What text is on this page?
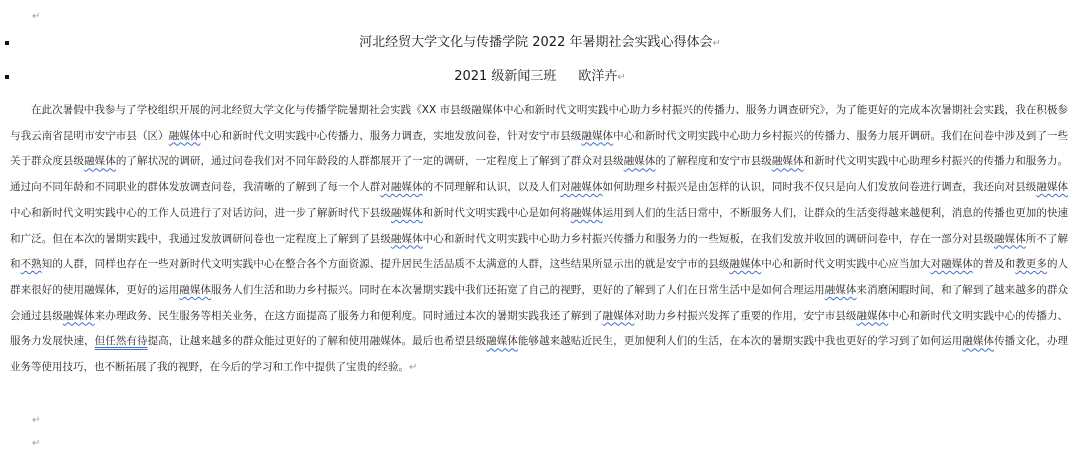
↵
河北经贸大学文化与传播学院 2022 年暑期社会实践心得体会↵
2021 级新闻三班 欧洋卉↵
在此次暑假中我参与了学校组织开展的河北经贸大学文化与传播学院暑期社会实践《XX 市县级融媒体中心和新时代文明实践中心助力乡村振兴的传播力、服务力调查研究》，为了能更好的完成本次暑期社会实践，我在积极参与我云南省昆明市安宁市县（区）融媒体中心和新时代文明实践中心传播力、服务力调查，实地发放问卷，针对安宁市县级融媒体中心和新时代文明实践中心助力乡村振兴的传播力、服务力展开调研。我们在问卷中涉及到了一些关于群众度县级融媒体的了解状况的调研，通过问卷我们对不同年龄段的人群都展开了一定的调研，一定程度上了解到了群众对县级融媒体的了解程度和安宁市县级融媒体和新时代文明实践中心助理乡村振兴的传播力和服务力。通过向不同年龄和不同职业的群体发放调查问卷，我清晰的了解到了每一个人群对融媒体的不同理解和认识，以及人们对融媒体如何助理乡村振兴是由怎样的认识，同时我不仅只是向人们发放问卷进行调查，我还向对县级融媒体中心和新时代文明实践中心的工作人员进行了对话访问，进一步了解新时代下县级融媒体和新时代文明实践中心是如何将融媒体运用到人们的生活日常中，不断服务人们，让群众的生活变得越来越便利，消息的传播也更加的快速和广泛。但在本次的暑期实践中，我通过发放调研问卷也一定程度上了解到了县级融媒体中心和新时代文明实践中心助力乡村振兴传播力和服务力的一些短板，在我们发放并收回的调研问卷中，存在一部分对县级融媒体所不了解和不熟知的人群，同样也存在一些对新时代文明实践中心在整合各个方面资源、提升居民生活品质不太满意的人群，这些结果所显示出的就是安宁市的县级融媒体中心和新时代文明实践中心应当加大对融媒体的普及和教更多的人群来很好的使用融媒体，更好的运用融媒体服务人们生活和助力乡村振兴。同时在本次暑期实践中我们还拓宽了自己的视野，更好的了解到了人们在日常生活中是如何合理运用融媒体来消磨闲暇时间，和了解到了越来越多的群众会通过县级融媒体来办理政务、民生服务等相关业务，在这方面提高了服务力和便利度。同时通过本次的暑期实践我还了解到了融媒体对助力乡村振兴发挥了重要的作用，安宁市县级融媒体中心和新时代文明实践中心的传播力、服务力发展快速，但任然有待提高，让越来越多的群众能过更好的了解和使用融媒体。最后也希望县级融媒体能够越来越贴近民生，更加便利人们的生活，在本次的暑期实践中我也更好的学习到了如何运用融媒体传播文化，办理业务等使用技巧，也不断拓展了我的视野，在今后的学习和工作中提供了宝贵的经验。↵
↵
↵
